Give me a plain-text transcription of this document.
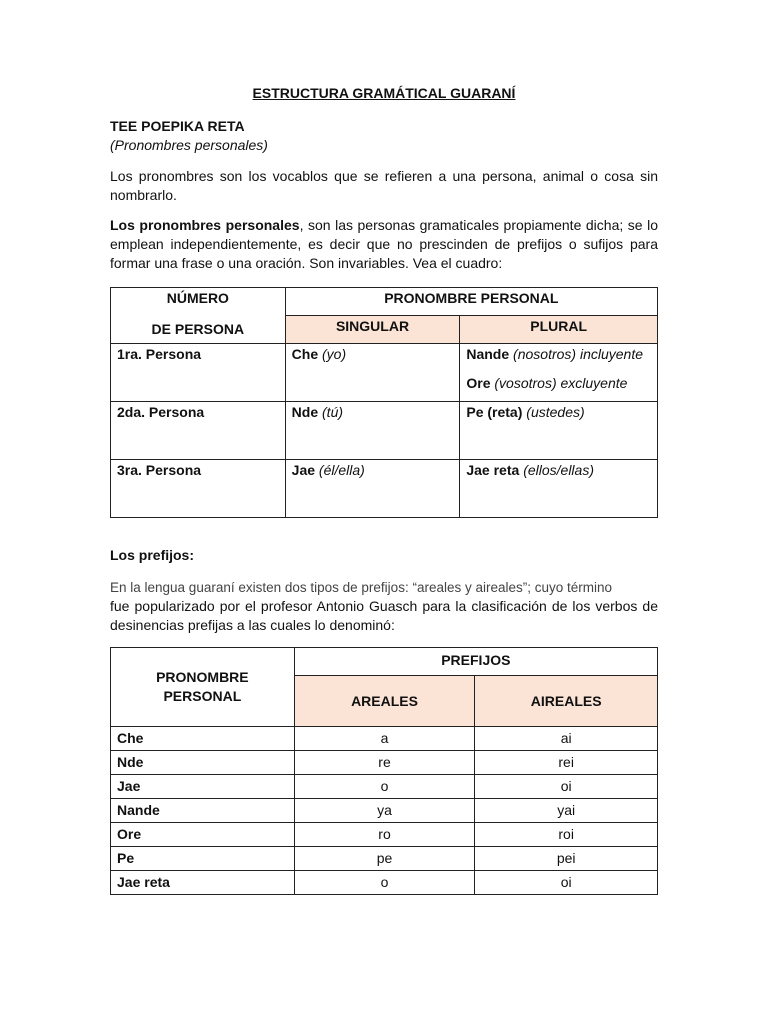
ESTRUCTURA GRAMÁTICAL GUARANÍ

TEE POEPIKA RETA

(Pronombres personales)

Los pronombres son los vocablos que se refieren a una persona, animal o cosa sin nombrarlo.

Los pronombres personales, son las personas gramaticales propiamente dicha; se lo emplean independientemente, es decir que no prescinden de prefijos o sufijos para formar una frase o una oración. Son invariables. Vea el cuadro:

NÚMERO
DE PERSONA	PRONOMBRE PERSONAL	
	SINGULAR	PLURAL
1ra. Persona	Che (yo)	Nande (nosotros) incluyente
Ore (vosotros) excluyente

2da. Persona	Nde (tú)	Pe (reta) (ustedes)

3ra. Persona	Jae (él/ella)	Jae reta (ellos/ellas)

Los prefijos:

En la lengua guaraní existen dos tipos de prefijos: “areales y aireales”; cuyo término

fue popularizado por el profesor Antonio Guasch para la clasificación de los verbos de desinencias prefijas a las cuales lo denominó:

PRONOMBRE PERSONAL	PREFIJOS	
	AREALES	AIREALES
Che	a	ai
Nde	re	rei
Jae	o	oi
Nande	ya	yai
Ore	ro	roi
Pe	pe	pei
Jae reta	o	oi
